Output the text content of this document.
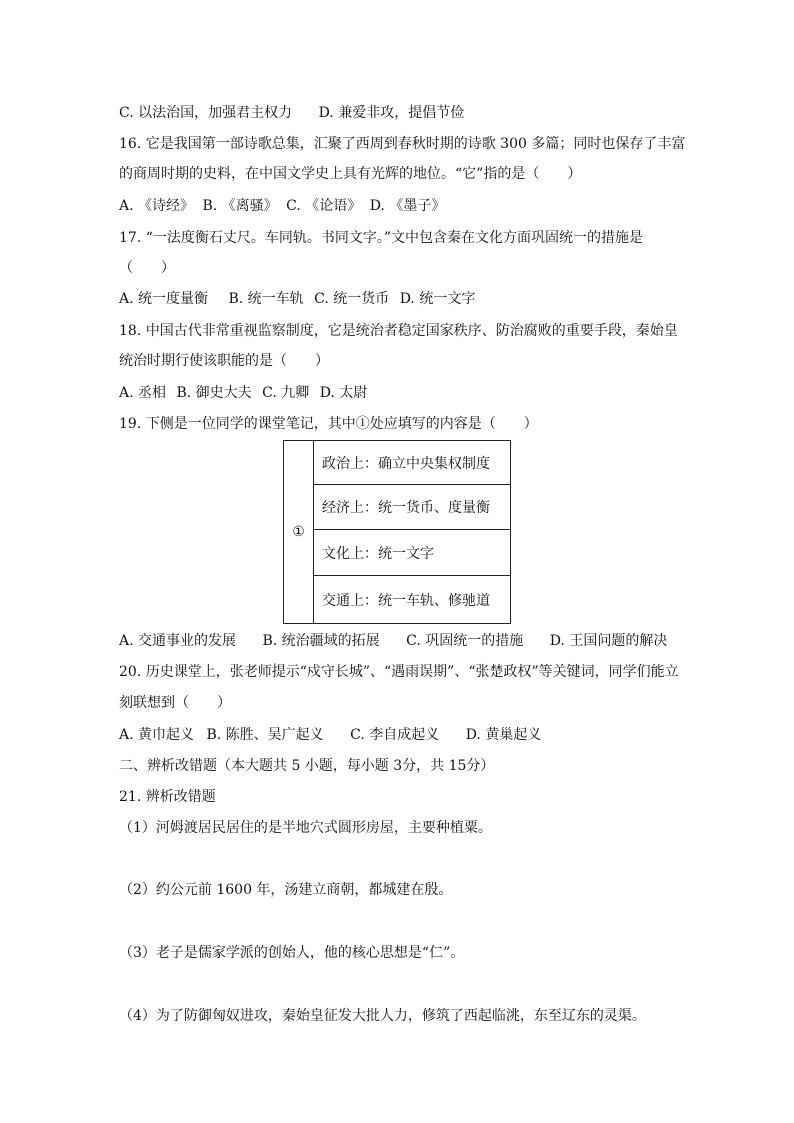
C. 以法治国，加强君主权力 D. 兼爱非攻，提倡节俭
16. 它是我国第一部诗歌总集，汇聚了西周到春秋时期的诗歌 300 多篇；同时也保存了丰富
的商周时期的史料，在中国文学史上具有光辉的地位。“它”指的是（　　）
A. 《诗经》 B. 《离骚》 C. 《论语》 D. 《墨子》
17. “一法度衡石丈尺。车同轨。书同文字。”文中包含秦在文化方面巩固统一的措施是
（　　）
A. 统一度量衡 B. 统一车轨 C. 统一货币 D. 统一文字
18. 中国古代非常重视监察制度，它是统治者稳定国家秩序、防治腐败的重要手段，秦始皇
统治时期行使该职能的是（　　）
A. 丞相 B. 御史大夫 C. 九卿 D. 太尉
19. 下侧是一位同学的课堂笔记，其中①处应填写的内容是（　　）
①
政治上：确立中央集权制度
经济上：统一货币、度量衡
文化上：统一文字
交通上：统一车轨、修驰道
A. 交通事业的发展 B. 统治疆域的拓展 C. 巩固统一的措施 D. 王国问题的解决
20. 历史课堂上，张老师提示“戍守长城”、“遇雨误期”、“张楚政权”等关键词，同学们能立
刻联想到（　　）
A. 黄巾起义 B. 陈胜、吴广起义 C. 李自成起义 D. 黄巢起义
二、辨析改错题（本大题共 5 小题，每小题 3分，共 15分）
21. 辨析改错题
（1）河姆渡居民居住的是半地穴式圆形房屋，主要种植粟。
（2）约公元前 1600 年，汤建立商朝，都城建在殷。
（3）老子是儒家学派的创始人，他的核心思想是“仁”。
（4）为了防御匈奴进攻，秦始皇征发大批人力，修筑了西起临洮，东至辽东的灵渠。
